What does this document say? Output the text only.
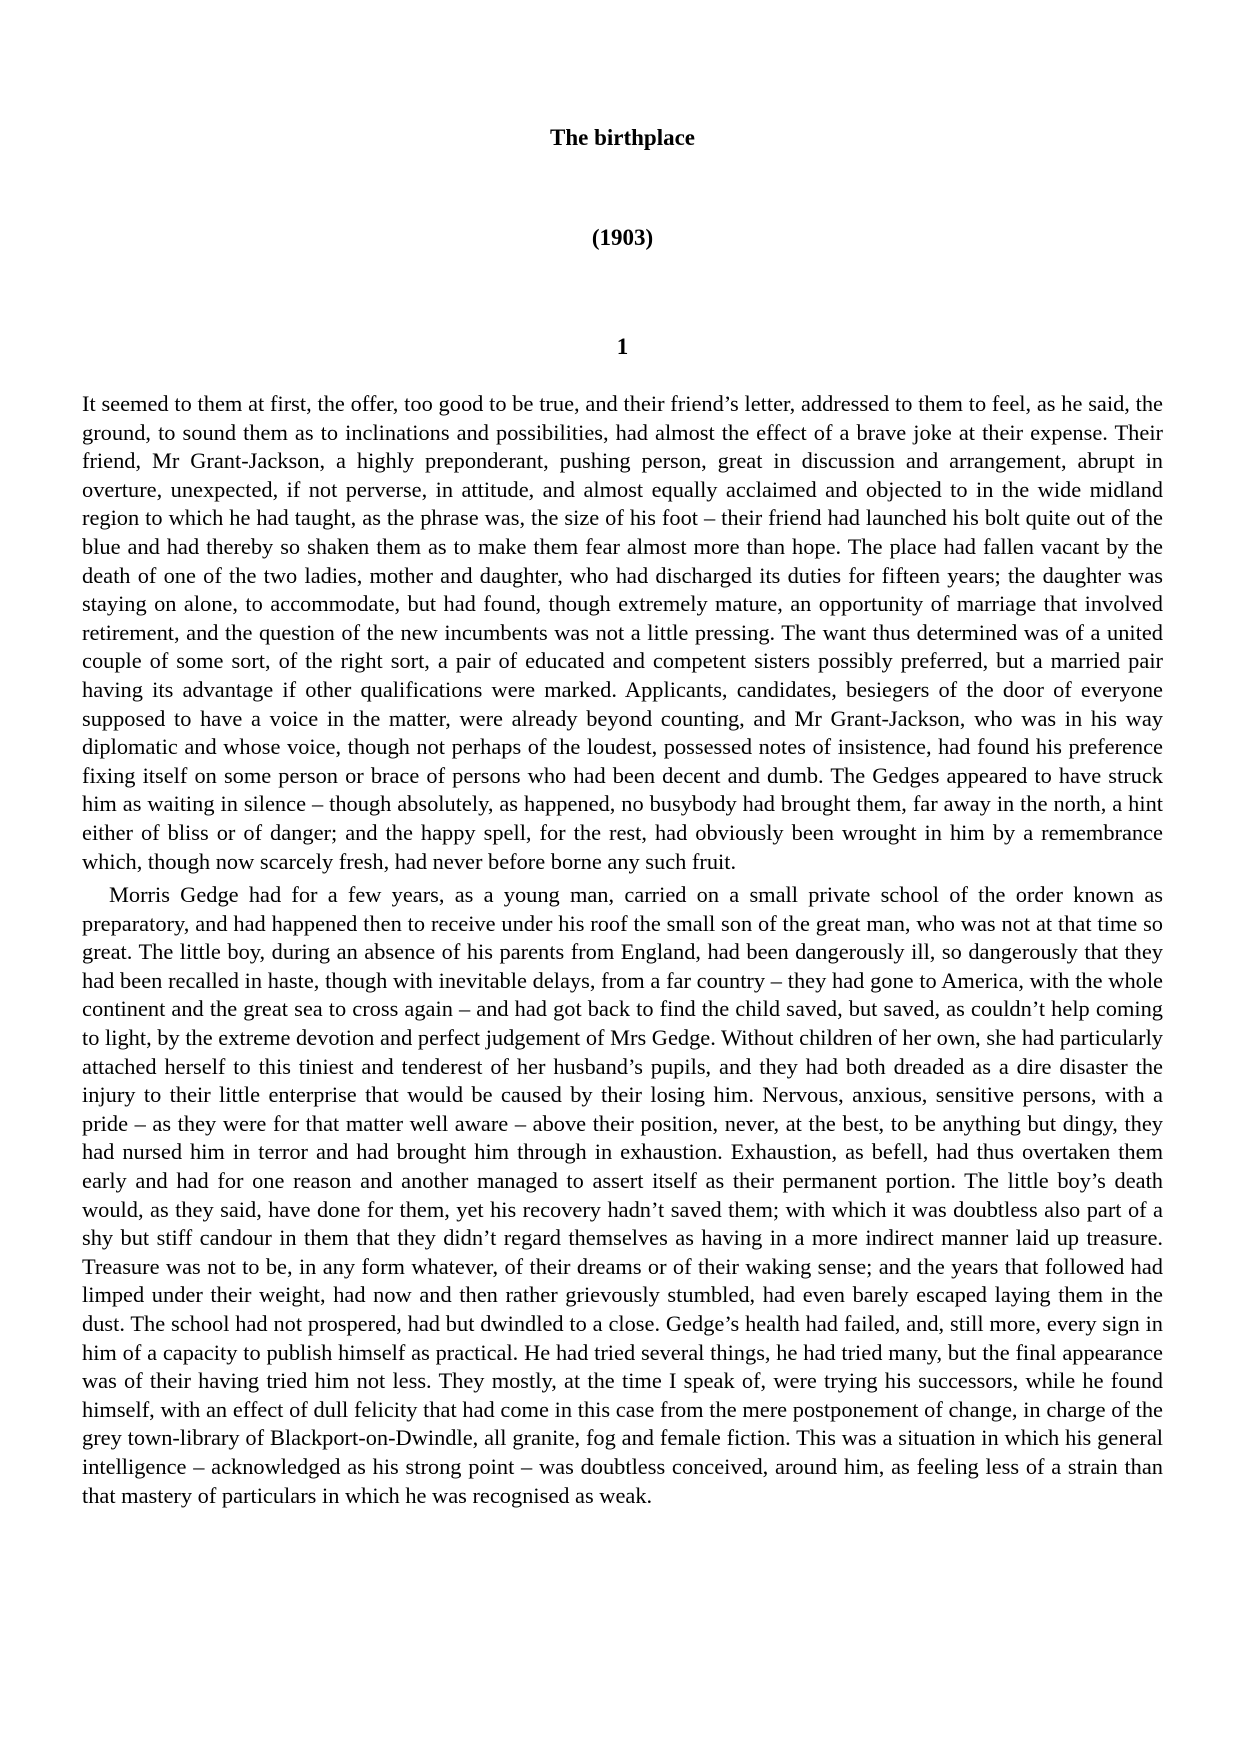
The birthplace
(1903)
1

It seemed to them at first, the offer, too good to be true, and their friend’s letter, addressed to them to feel, as he said, the ground, to sound them as to inclinations and possibilities, had almost the effect of a brave joke at their expense. Their friend, Mr Grant-Jackson, a highly preponderant, pushing person, great in discussion and arrangement, abrupt in overture, unexpected, if not perverse, in attitude, and almost equally acclaimed and objected to in the wide midland region to which he had taught, as the phrase was, the size of his foot – their friend had launched his bolt quite out of the blue and had thereby so shaken them as to make them fear almost more than hope. The place had fallen vacant by the death of one of the two ladies, mother and daughter, who had discharged its duties for fifteen years; the daughter was staying on alone, to accommodate, but had found, though extremely mature, an opportunity of marriage that involved retirement, and the question of the new incumbents was not a little pressing. The want thus determined was of a united couple of some sort, of the right sort, a pair of educated and competent sisters possibly preferred, but a married pair having its advantage if other qualifications were marked. Applicants, candidates, besiegers of the door of everyone supposed to have a voice in the matter, were already beyond counting, and Mr Grant-Jackson, who was in his way diplomatic and whose voice, though not perhaps of the loudest, possessed notes of insistence, had found his preference fixing itself on some person or brace of persons who had been decent and dumb. The Gedges appeared to have struck him as waiting in silence – though absolutely, as happened, no busybody had brought them, far away in the north, a hint either of bliss or of danger; and the happy spell, for the rest, had obviously been wrought in him by a remembrance which, though now scarcely fresh, had never before borne any such fruit.

Morris Gedge had for a few years, as a young man, carried on a small private school of the order known as preparatory, and had happened then to receive under his roof the small son of the great man, who was not at that time so great. The little boy, during an absence of his parents from England, had been dangerously ill, so dangerously that they had been recalled in haste, though with inevitable delays, from a far country – they had gone to America, with the whole continent and the great sea to cross again – and had got back to find the child saved, but saved, as couldn’t help coming to light, by the extreme devotion and perfect judgement of Mrs Gedge. Without children of her own, she had particularly attached herself to this tiniest and tenderest of her husband’s pupils, and they had both dreaded as a dire disaster the injury to their little enterprise that would be caused by their losing him. Nervous, anxious, sensitive persons, with a pride – as they were for that matter well aware – above their position, never, at the best, to be anything but dingy, they had nursed him in terror and had brought him through in exhaustion. Exhaustion, as befell, had thus overtaken them early and had for one reason and another managed to assert itself as their permanent portion. The little boy’s death would, as they said, have done for them, yet his recovery hadn’t saved them; with which it was doubtless also part of a shy but stiff candour in them that they didn’t regard themselves as having in a more indirect manner laid up treasure. Treasure was not to be, in any form whatever, of their dreams or of their waking sense; and the years that followed had limped under their weight, had now and then rather grievously stumbled, had even barely escaped laying them in the dust. The school had not prospered, had but dwindled to a close. Gedge’s health had failed, and, still more, every sign in him of a capacity to publish himself as practical. He had tried several things, he had tried many, but the final appearance was of their having tried him not less. They mostly, at the time I speak of, were trying his successors, while he found himself, with an effect of dull felicity that had come in this case from the mere postponement of change, in charge of the grey town-library of Blackport-on-Dwindle, all granite, fog and female fiction. This was a situation in which his general intelligence – acknowledged as his strong point – was doubtless conceived, around him, as feeling less of a strain than that mastery of particulars in which he was recognised as weak.
